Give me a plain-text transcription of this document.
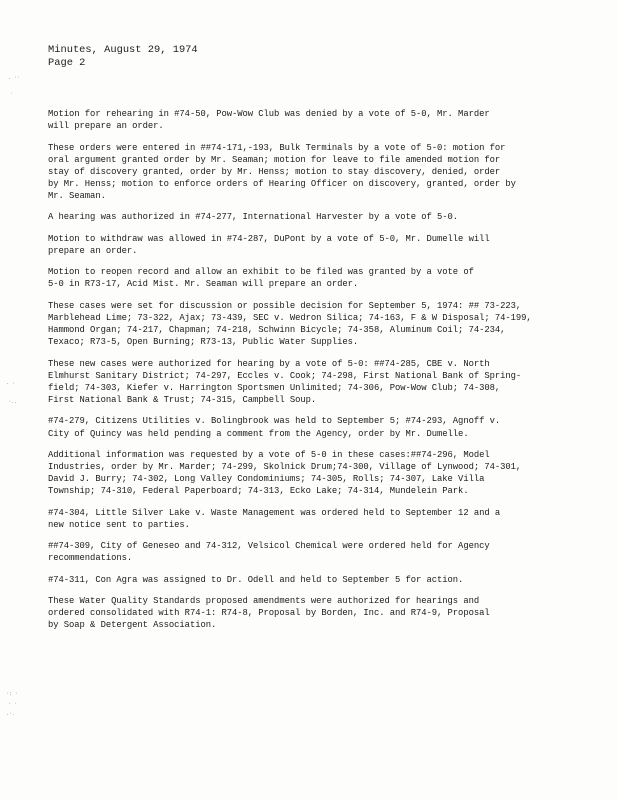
. ··
·
- ·
·..
·: ·
· ·
.·.
Minutes, August 29, 1974
Page 2
Motion for rehearing in #74-50, Pow-Wow Club was denied by a vote of 5-0, Mr. Marder
will prepare an order.
These orders were entered in ##74-171,-193, Bulk Terminals by a vote of 5-0: motion for
oral argument granted order by Mr. Seaman; motion for leave to file amended motion for
stay of discovery granted, order by Mr. Henss; motion to stay discovery, denied, order
by Mr. Henss; motion to enforce orders of Hearing Officer on discovery, granted, order by
Mr. Seaman.
A hearing was authorized in #74-277, International Harvester by a vote of 5-0.
Motion to withdraw was allowed in #74-287, DuPont by a vote of 5-0, Mr. Dumelle will
prepare an order.
Motion to reopen record and allow an exhibit to be filed was granted by a vote of
5-0 in R73-17, Acid Mist. Mr. Seaman will prepare an order.
These cases were set for discussion or possible decision for September 5, 1974: ## 73-223,
Marblehead Lime; 73-322, Ajax; 73-439, SEC v. Wedron Silica; 74-163, F & W Disposal; 74-199,
Hammond Organ; 74-217, Chapman; 74-218, Schwinn Bicycle; 74-358, Aluminum Coil; 74-234,
Texaco; R73-5, Open Burning; R73-13, Public Water Supplies.
These new cases were authorized for hearing by a vote of 5-0: ##74-285, CBE v. North
Elmhurst Sanitary District; 74-297, Eccles v. Cook; 74-298, First National Bank of Spring-
field; 74-303, Kiefer v. Harrington Sportsmen Unlimited; 74-306, Pow-Wow Club; 74-308,
First National Bank & Trust; 74-315, Campbell Soup.
#74-279, Citizens Utilities v. Bolingbrook was held to September 5; #74-293, Agnoff v.
City of Quincy was held pending a comment from the Agency, order by Mr. Dumelle.
Additional information was requested by a vote of 5-0 in these cases:##74-296, Model
Industries, order by Mr. Marder; 74-299, Skolnick Drum;74-300, Village of Lynwood; 74-301,
David J. Burry; 74-302, Long Valley Condominiums; 74-305, Rolls; 74-307, Lake Villa
Township; 74-310, Federal Paperboard; 74-313, Ecko Lake; 74-314, Mundelein Park.
#74-304, Little Silver Lake v. Waste Management was ordered held to September 12 and a
new notice sent to parties.
##74-309, City of Geneseo and 74-312, Velsicol Chemical were ordered held for Agency
recommendations.
#74-311, Con Agra was assigned to Dr. Odell and held to September 5 for action.
These Water Quality Standards proposed amendments were authorized for hearings and
ordered consolidated with R74-1: R74-8, Proposal by Borden, Inc. and R74-9, Proposal
by Soap & Detergent Association.
